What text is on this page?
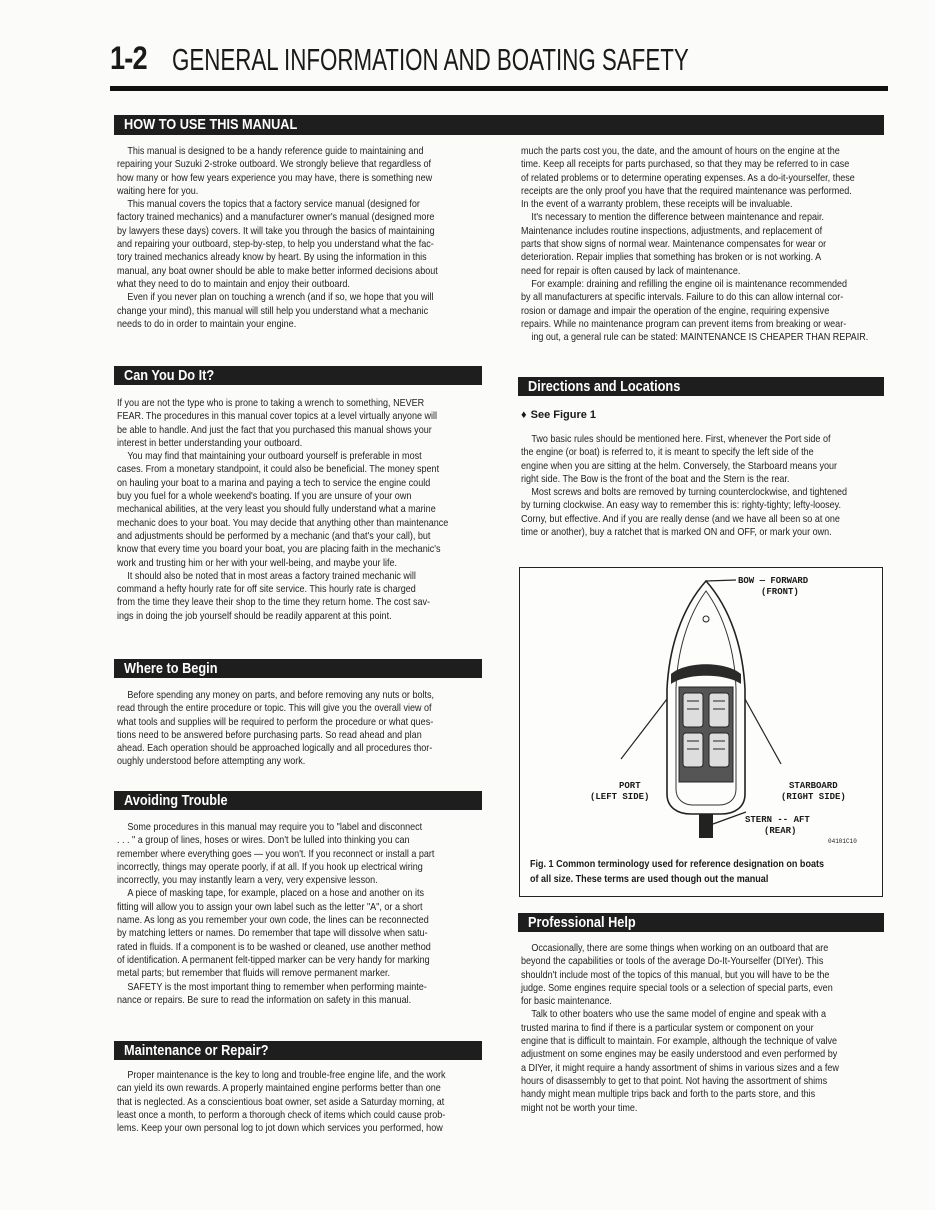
1-2 GENERAL INFORMATION AND BOATING SAFETY
HOW TO USE THIS MANUAL
This manual is designed to be a handy reference guide to maintaining and
repairing your Suzuki 2-stroke outboard. We strongly believe that regardless of
how many or how few years experience you may have, there is something new
waiting here for you.
This manual covers the topics that a factory service manual (designed for
factory trained mechanics) and a manufacturer owner's manual (designed more
by lawyers these days) covers. It will take you through the basics of maintaining
and repairing your outboard, step-by-step, to help you understand what the fac-
tory trained mechanics already know by heart. By using the information in this
manual, any boat owner should be able to make better informed decisions about
what they need to do to maintain and enjoy their outboard.
Even if you never plan on touching a wrench (and if so, we hope that you will
change your mind), this manual will still help you understand what a mechanic
needs to do in order to maintain your engine.
much the parts cost you, the date, and the amount of hours on the engine at the
time. Keep all receipts for parts purchased, so that they may be referred to in case
of related problems or to determine operating expenses. As a do-it-yourselfer, these
receipts are the only proof you have that the required maintenance was performed.
In the event of a warranty problem, these receipts will be invaluable.
It's necessary to mention the difference between maintenance and repair.
Maintenance includes routine inspections, adjustments, and replacement of
parts that show signs of normal wear. Maintenance compensates for wear or
deterioration. Repair implies that something has broken or is not working. A
need for repair is often caused by lack of maintenance.
For example: draining and refilling the engine oil is maintenance recommended
by all manufacturers at specific intervals. Failure to do this can allow internal cor-
rosion or damage and impair the operation of the engine, requiring expensive
repairs. While no maintenance program can prevent items from breaking or wear-
ing out, a general rule can be stated: MAINTENANCE IS CHEAPER THAN REPAIR.
Can You Do It?
If you are not the type who is prone to taking a wrench to something, NEVER
FEAR. The procedures in this manual cover topics at a level virtually anyone will
be able to handle. And just the fact that you purchased this manual shows your
interest in better understanding your outboard.
You may find that maintaining your outboard yourself is preferable in most
cases. From a monetary standpoint, it could also be beneficial. The money spent
on hauling your boat to a marina and paying a tech to service the engine could
buy you fuel for a whole weekend's boating. If you are unsure of your own
mechanical abilities, at the very least you should fully understand what a marine
mechanic does to your boat. You may decide that anything other than maintenance
and adjustments should be performed by a mechanic (and that's your call), but
know that every time you board your boat, you are placing faith in the mechanic's
work and trusting him or her with your well-being, and maybe your life.
It should also be noted that in most areas a factory trained mechanic will
command a hefty hourly rate for off site service. This hourly rate is charged
from the time they leave their shop to the time they return home. The cost sav-
ings in doing the job yourself should be readily apparent at this point.
Where to Begin
Before spending any money on parts, and before removing any nuts or bolts,
read through the entire procedure or topic. This will give you the overall view of
what tools and supplies will be required to perform the procedure or what ques-
tions need to be answered before purchasing parts. So read ahead and plan
ahead. Each operation should be approached logically and all procedures thor-
oughly understood before attempting any work.
Avoiding Trouble
Some procedures in this manual may require you to "label and disconnect
. . . " a group of lines, hoses or wires. Don't be lulled into thinking you can
remember where everything goes — you won't. If you reconnect or install a part
incorrectly, things may operate poorly, if at all. If you hook up electrical wiring
incorrectly, you may instantly learn a very, very expensive lesson.
A piece of masking tape, for example, placed on a hose and another on its
fitting will allow you to assign your own label such as the letter "A", or a short
name. As long as you remember your own code, the lines can be reconnected
by matching letters or names. Do remember that tape will dissolve when satu-
rated in fluids. If a component is to be washed or cleaned, use another method
of identification. A permanent felt-tipped marker can be very handy for marking
metal parts; but remember that fluids will remove permanent marker.
SAFETY is the most important thing to remember when performing mainte-
nance or repairs. Be sure to read the information on safety in this manual.
Maintenance or Repair?
Proper maintenance is the key to long and trouble-free engine life, and the work
can yield its own rewards. A properly maintained engine performs better than one
that is neglected. As a conscientious boat owner, set aside a Saturday morning, at
least once a month, to perform a thorough check of items which could cause prob-
lems. Keep your own personal log to jot down which services you performed, how
Directions and Locations
♦ See Figure 1
Two basic rules should be mentioned here. First, whenever the Port side of
the engine (or boat) is referred to, it is meant to specify the left side of the
engine when you are sitting at the helm. Conversely, the Starboard means your
right side. The Bow is the front of the boat and the Stern is the rear.
Most screws and bolts are removed by turning counterclockwise, and tightened
by turning clockwise. An easy way to remember this is: righty-tighty; lefty-loosey.
Corny, but effective. And if you are really dense (and we have all been so at one
time or another), buy a ratchet that is marked ON and OFF, or mark your own.
BOW — FORWARD
(FRONT)
PORT
(LEFT SIDE)
STARBOARD
(RIGHT SIDE)
STERN -- AFT
(REAR)
04101C10
Fig. 1 Common terminology used for reference designation on boats
of all size. These terms are used though out the manual
Professional Help
Occasionally, there are some things when working on an outboard that are
beyond the capabilities or tools of the average Do-It-Yourselfer (DIYer). This
shouldn't include most of the topics of this manual, but you will have to be the
judge. Some engines require special tools or a selection of special parts, even
for basic maintenance.
Talk to other boaters who use the same model of engine and speak with a
trusted marina to find if there is a particular system or component on your
engine that is difficult to maintain. For example, although the technique of valve
adjustment on some engines may be easily understood and even performed by
a DIYer, it might require a handy assortment of shims in various sizes and a few
hours of disassembly to get to that point. Not having the assortment of shims
handy might mean multiple trips back and forth to the parts store, and this
might not be worth your time.
